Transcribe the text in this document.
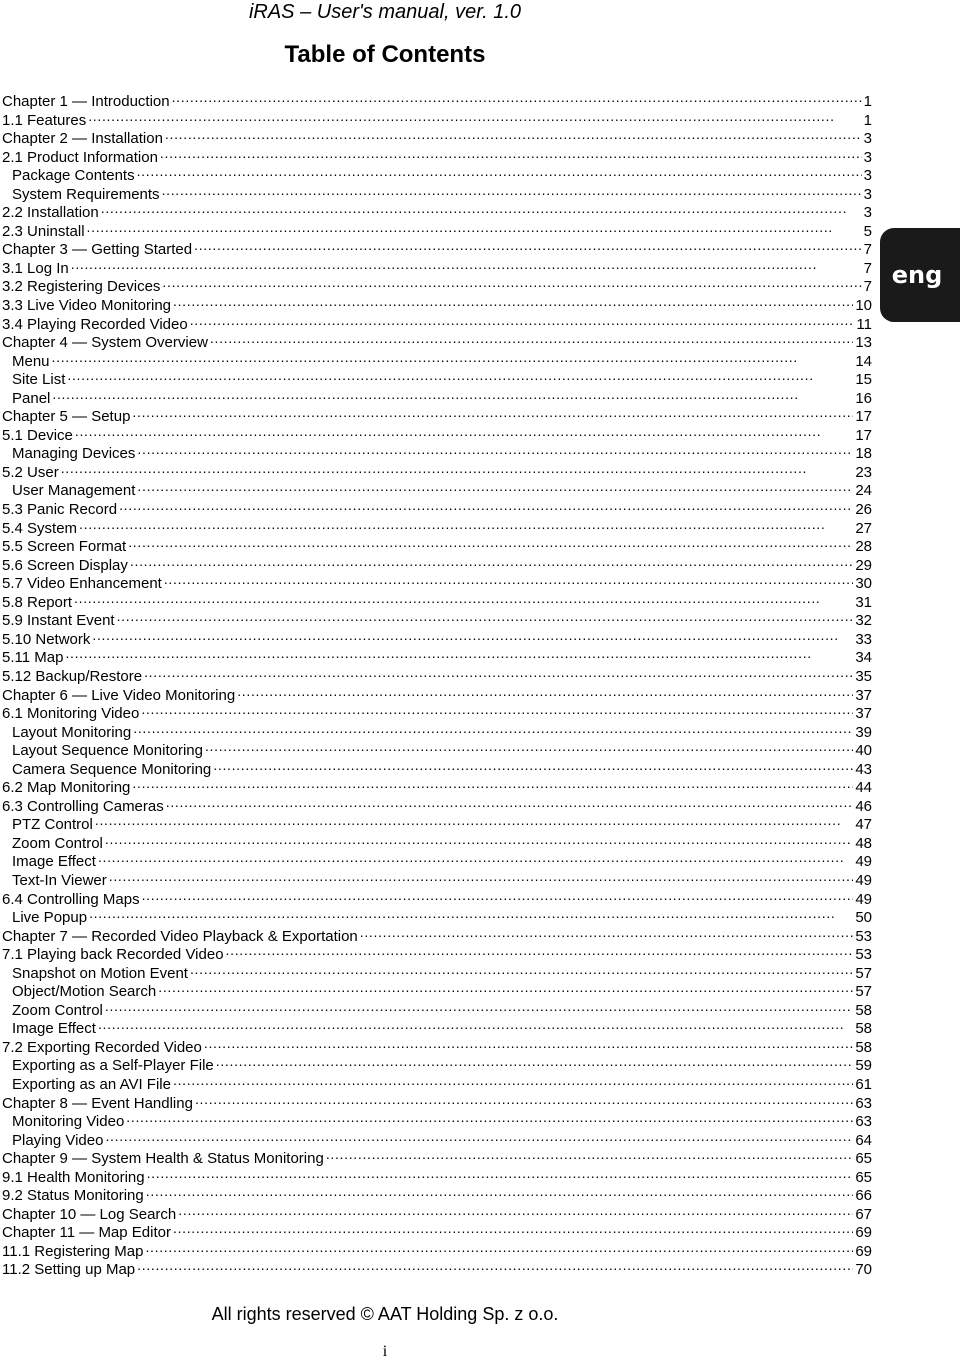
iRAS – User's manual, ver. 1.0
Table of Contents
Chapter 1 — Introduction . . .	1
1.1 Features . . .	1
Chapter 2 — Installation . . .	3
2.1 Product Information . . .	3
Package Contents . . .	3
System Requirements . . .	3
2.2 Installation . . .	3
2.3 Uninstall . . .	5
Chapter 3 — Getting Started . . .	7
3.1 Log In . . .	7
3.2 Registering Devices . . .	7
3.3 Live Video Monitoring . . .	10
3.4 Playing Recorded Video . . .	11
Chapter 4 — System Overview . . .	13
Menu . . .	14
Site List . . .	15
Panel . . .	16
Chapter 5 — Setup . . .	17
5.1 Device . . .	17
Managing Devices . . .	18
5.2 User . . .	23
User Management . . .	24
5.3 Panic Record . . .	26
5.4 System . . .	27
5.5 Screen Format . . .	28
5.6 Screen Display . . .	29
5.7 Video Enhancement . . .	30
5.8 Report . . .	31
5.9 Instant Event . . .	32
5.10 Network . . .	33
5.11 Map . . .	34
5.12 Backup/Restore . . .	35
Chapter 6 — Live Video Monitoring . . .	37
6.1 Monitoring Video . . .	37
Layout Monitoring . . .	39
Layout Sequence Monitoring . . .	40
Camera Sequence Monitoring . . .	43
6.2 Map Monitoring . . .	44
6.3 Controlling Cameras . . .	46
PTZ Control . . .	47
Zoom Control . . .	48
Image Effect . . .	49
Text-In Viewer . . .	49
6.4 Controlling Maps . . .	49
Live Popup . . .	50
Chapter 7 — Recorded Video Playback & Exportation . . .	53
7.1 Playing back Recorded Video . . .	53
Snapshot on Motion Event . . .	57
Object/Motion Search . . .	57
Zoom Control . . .	58
Image Effect . . .	58
7.2 Exporting Recorded Video . . .	58
Exporting as a Self-Player File . . .	59
Exporting as an AVI File . . .	61
Chapter 8 — Event Handling . . .	63
Monitoring Video . . .	63
Playing Video . . .	64
Chapter 9 — System Health & Status Monitoring . . .	65
9.1 Health Monitoring . . .	65
9.2 Status Monitoring . . .	66
Chapter 10 — Log Search . . .	67
Chapter 11 — Map Editor . . .	69
11.1 Registering Map . . .	69
11.2 Setting up Map . . .	70
eng
All rights reserved © AAT Holding Sp. z o.o.
i
